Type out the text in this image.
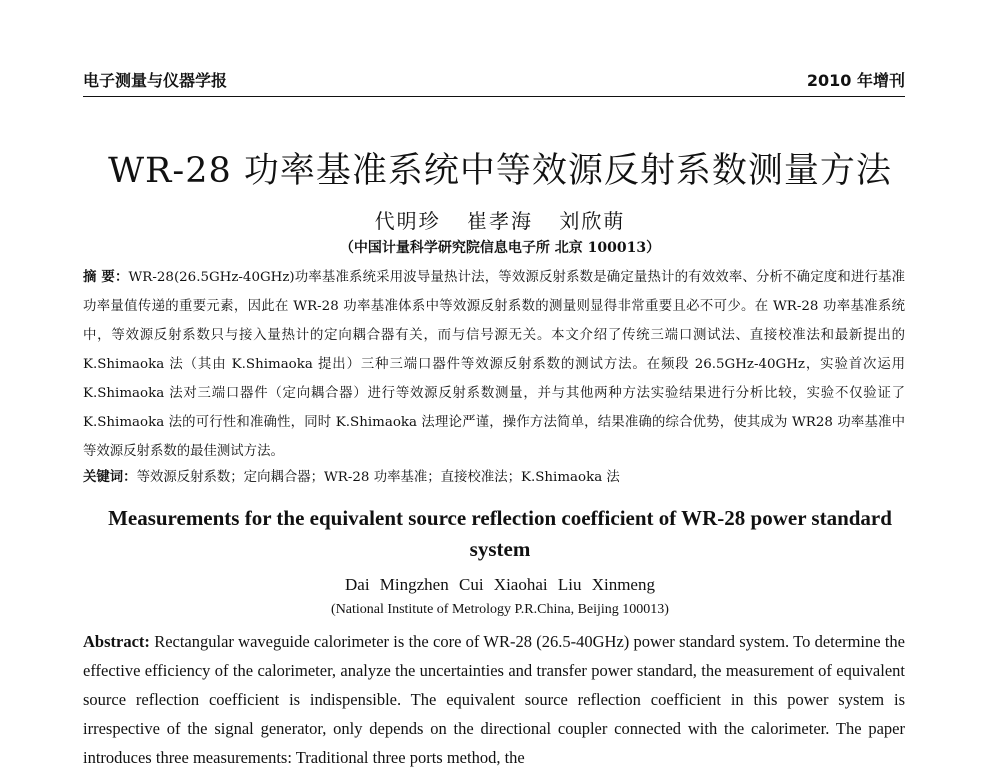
电子测量与仪器学报	2010 年增刊
WR-28 功率基准系统中等效源反射系数测量方法
代明珍 崔孝海 刘欣萌
（中国计量科学研究院信息电子所 北京 100013）

摘 要：WR-28(26.5GHz-40GHz)功率基准系统采用波导量热计法，等效源反射系数是确定量热计的有效效率、分析不确定度和进行基准功率量值传递的重要元素，因此在 WR-28 功率基准体系中等效源反射系数的测量则显得非常重要且必不可少。在 WR-28 功率基准系统中，等效源反射系数只与接入量热计的定向耦合器有关，而与信号源无关。本文介绍了传统三端口测试法、直接校准法和最新提出的 K.Shimaoka 法（其由 K.Shimaoka 提出）三种三端口器件等效源反射系数的测试方法。在频段 26.5GHz-40GHz，实验首次运用 K.Shimaoka 法对三端口器件（定向耦合器）进行等效源反射系数测量，并与其他两种方法实验结果进行分析比较，实验不仅验证了 K.Shimaoka 法的可行性和准确性，同时 K.Shimaoka 法理论严谨，操作方法简单，结果准确的综合优势，使其成为 WR28 功率基准中等效源反射系数的最佳测试方法。

关键词：等效源反射系数；定向耦合器；WR-28 功率基准；直接校准法；K.Shimaoka 法

Measurements for the equivalent source reflection coefficient of WR-28 power standard system

Dai Mingzhen Cui Xiaohai Liu Xinmeng
(National Institute of Metrology P.R.China, Beijing 100013)

Abstract: Rectangular waveguide calorimeter is the core of WR-28 (26.5-40GHz) power standard system. To determine the effective efficiency of the calorimeter, analyze the uncertainties and transfer power standard, the measurement of equivalent source reflection coefficient is indispensible. The equivalent source reflection coefficient in this power system is irrespective of the signal generator, only depends on the directional coupler connected with the calorimeter. The paper introduces three measurements: Traditional three ports method, the
